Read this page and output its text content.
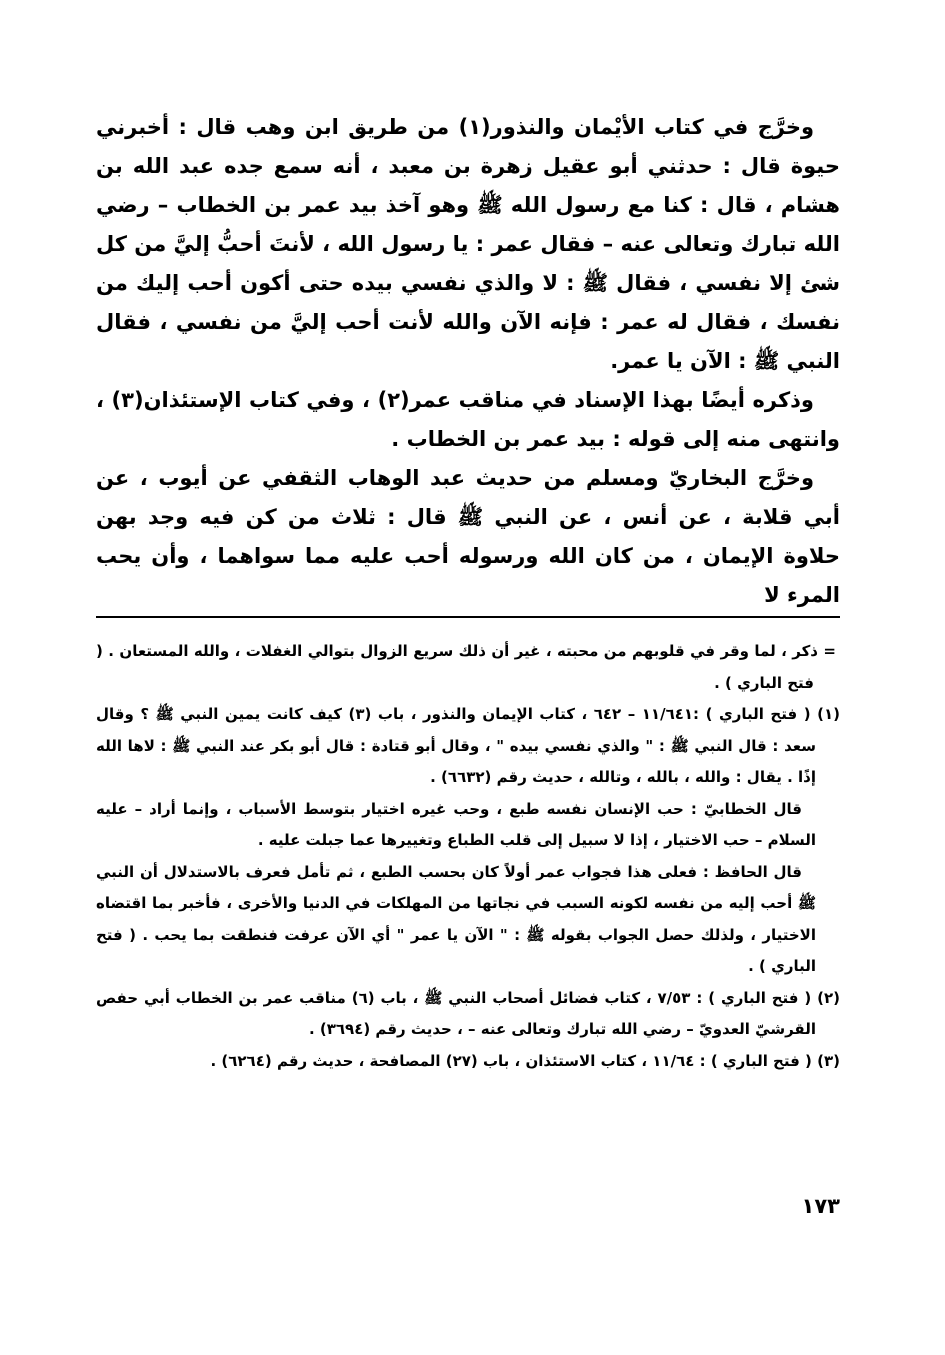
وخرَّج في كتاب الأيْمان والنذور(١) من طريق ابن وهب قال : أخبرني حيوة قال : حدثني أبو عقيل زهرة بن معبد ، أنه سمع جده عبد الله بن هشام ، قال : كنا مع رسول الله ﷺ وهو آخذ بيد عمر بن الخطاب – رضي الله تبارك وتعالى عنه – فقال عمر : يا رسول الله ، لأنتَ أحبُّ إليَّ من كل شئ إلا نفسي ، فقال ﷺ : لا والذي نفسي بيده حتى أكون أحب إليك من نفسك ، فقال له عمر : فإنه الآن والله لأنت أحب إليَّ من نفسي ، فقال النبي ﷺ : الآن يا عمر.

وذكره أيضًا بهذا الإسناد في مناقب عمر(٢) ، وفي كتاب الإستئذان(٣) ، وانتهى منه إلى قوله : بيد عمر بن الخطاب .

وخرَّج البخاريّ ومسلم من حديث عبد الوهاب الثقفي عن أيوب ، عن أبي قلابة ، عن أنس ، عن النبي ﷺ قال : ثلاث من كن فيه وجد بهن حلاوة الإيمان ، من كان الله ورسوله أحب عليه مما سواهما ، وأن يحب المرء لا

= ذكر ، لما وقر في قلوبهم من محبته ، غير أن ذلك سريع الزوال بتوالي الغفلات ، والله المستعان . ( فتح الباري ) .

(١) ( فتح الباري ) :١١/٦٤١ – ٦٤٢ ، كتاب الإيمان والنذور ، باب (٣) كيف كانت يمين النبي ﷺ ؟ وقال سعد : قال النبي ﷺ : " والذي نفسي بيده " ، وقال أبو قتادة : قال أبو بكر عند النبي ﷺ : لاها الله إذًا . يقال : والله ، بالله ، وتالله ، حديث رقم (٦٦٣٢) .

قال الخطابيّ : حب الإنسان نفسه طبع ، وحب غيره اختيار بتوسط الأسباب ، وإنما أراد – عليه السلام – حب الاختيار ، إذا لا سبيل إلى قلب الطباع وتغييرها عما جبلت عليه .

قال الحافظ : فعلى هذا فجواب عمر أولاً كان بحسب الطبع ، ثم تأمل فعرف بالاستدلال أن النبي ﷺ أحب إليه من نفسه لكونه السبب في نجاتها من المهلكات في الدنيا والأخرى ، فأخبر بما اقتضاه الاختيار ، ولذلك حصل الجواب بقوله ﷺ : " الآن يا عمر " أي الآن عرفت فنطقت بما يحب . ( فتح الباري ) .

(٢) ( فتح الباري ) : ٧/٥٣ ، كتاب فضائل أصحاب النبي ﷺ ، باب (٦) مناقب عمر بن الخطاب أبي حفص القرشيّ العدويّ – رضي الله تبارك وتعالى عنه – ، حديث رقم (٣٦٩٤) .

(٣) ( فتح الباري ) : ١١/٦٤ ، كتاب الاستئذان ، باب (٢٧) المصافحة ، حديث رقم (٦٢٦٤) .

١٧٣
